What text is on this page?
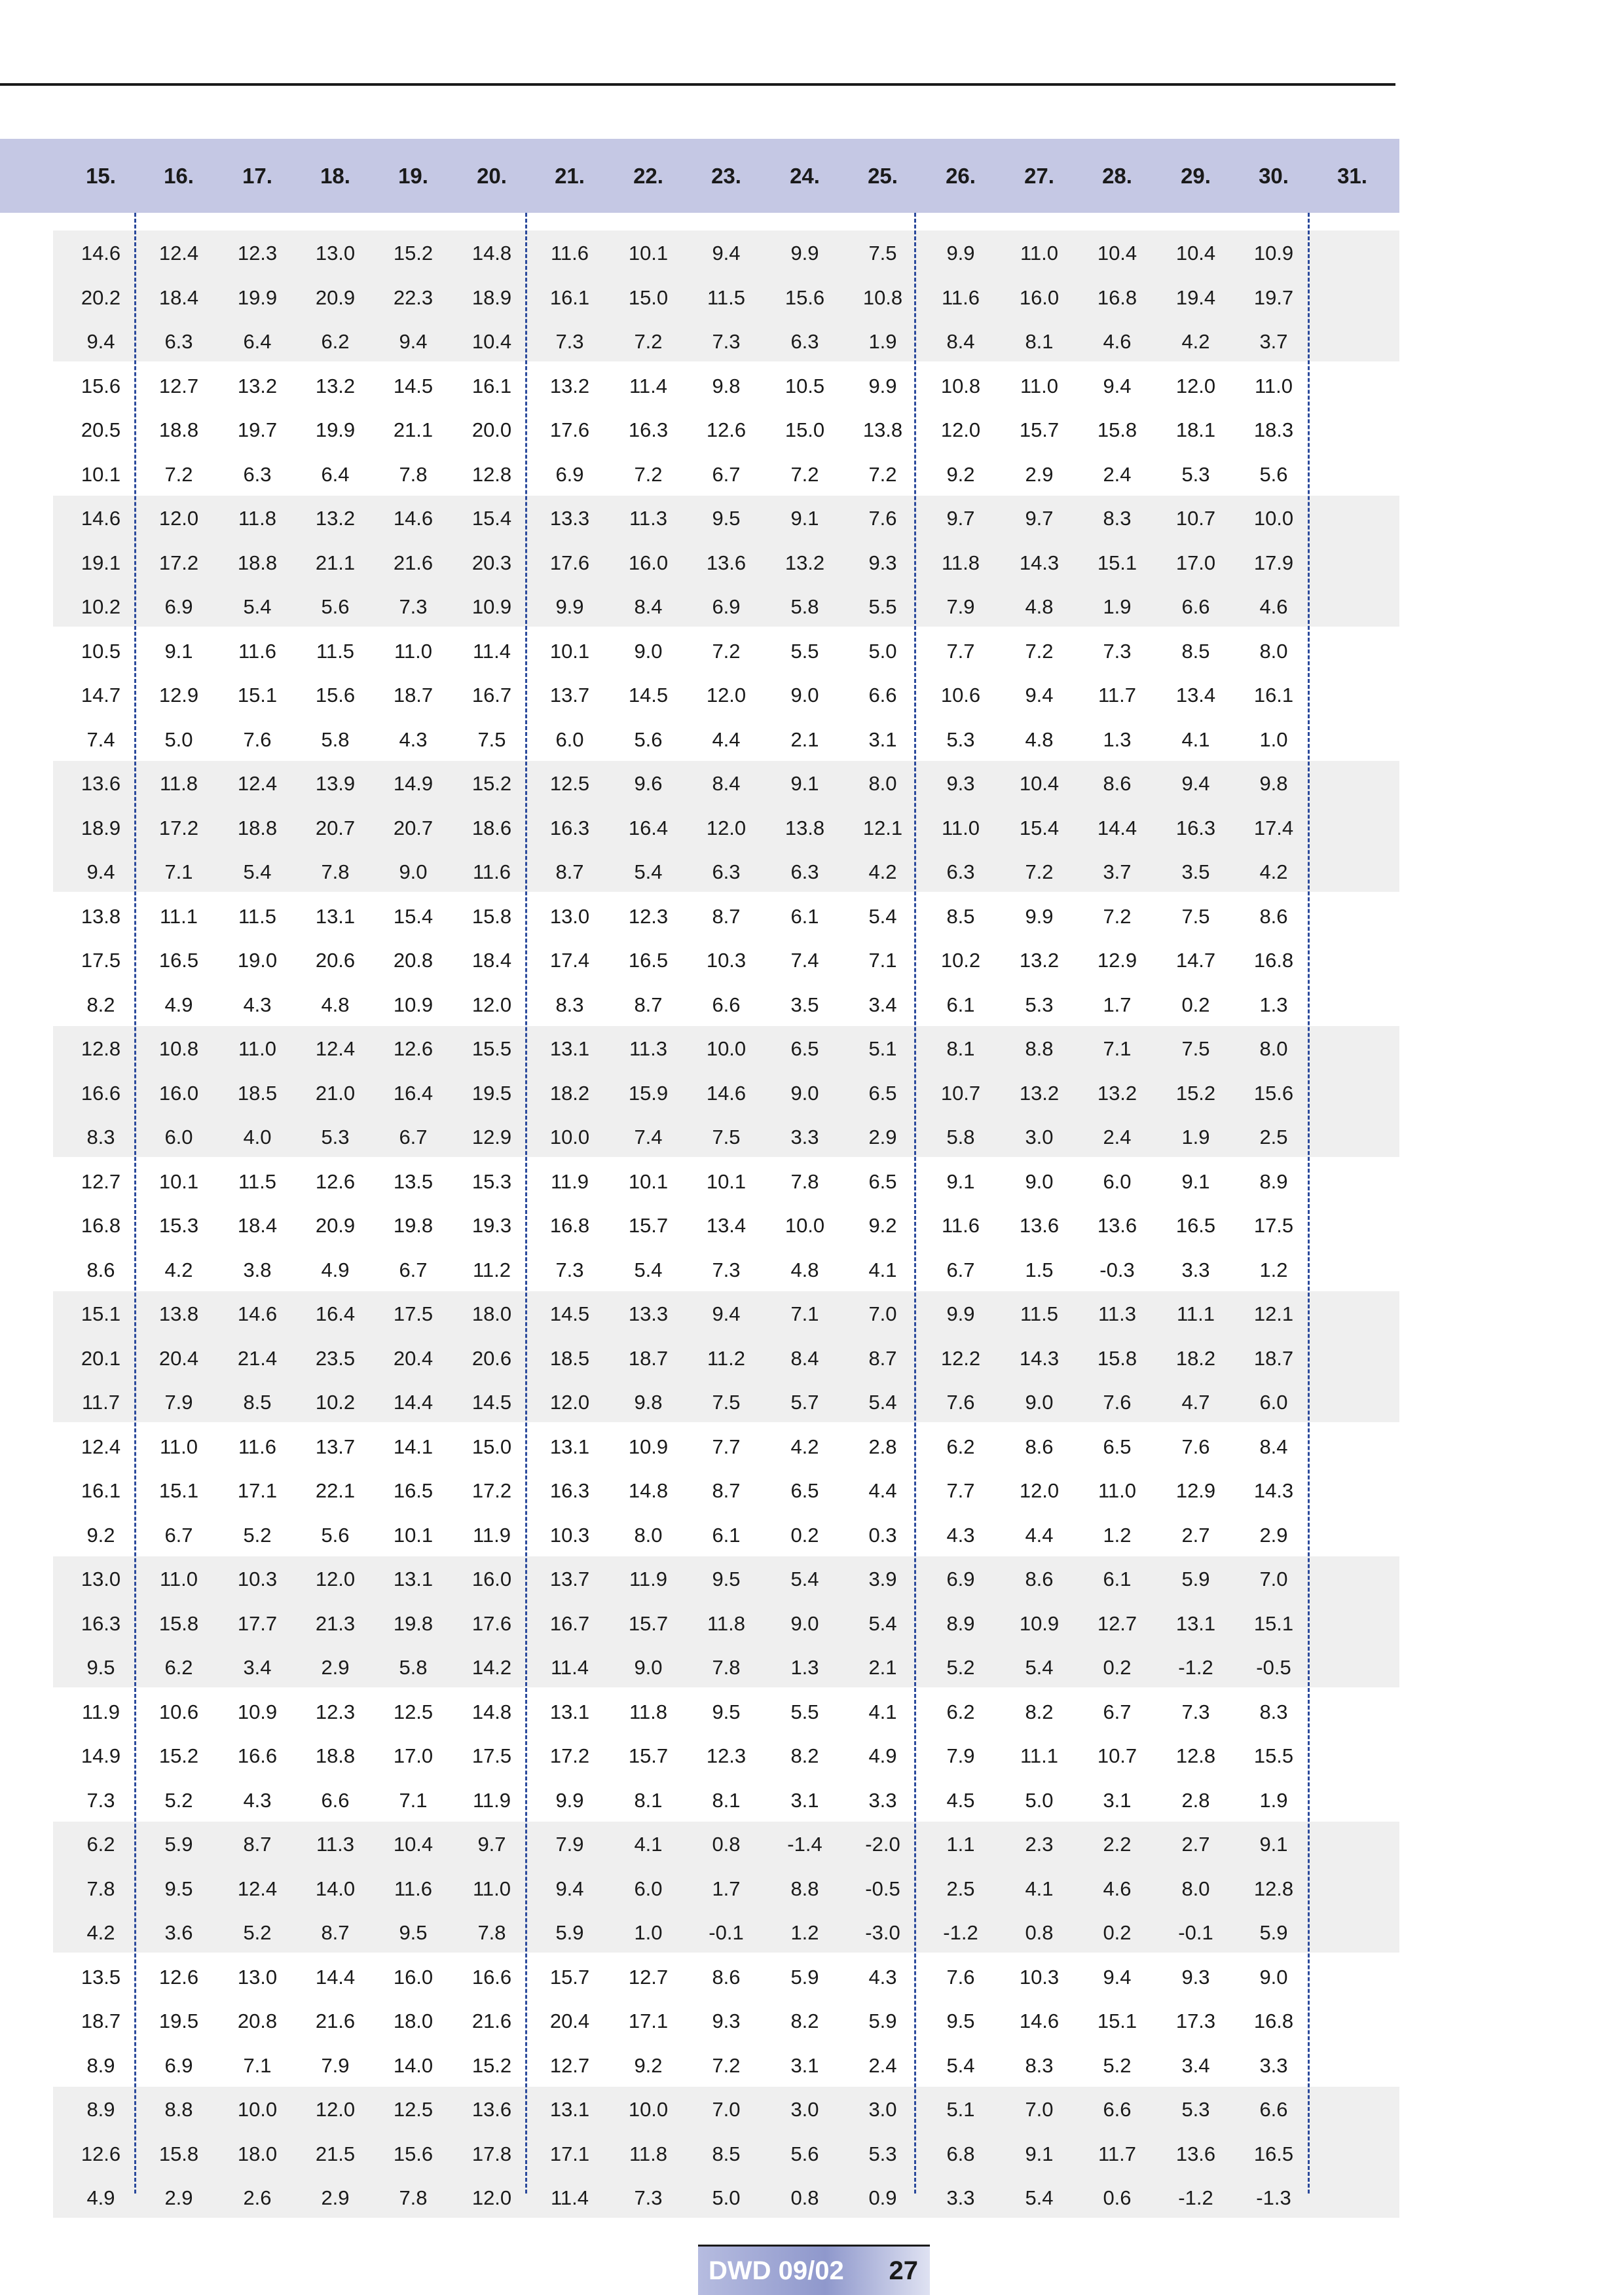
15.	16.	17.	18.	19.	20.	21.	22.	23.	24.	25.	26.	27.	28.	29.	30.	31.
14.6	12.4	12.3	13.0	15.2	14.8	11.6	10.1	9.4	9.9	7.5	9.9	11.0	10.4	10.4	10.9
20.2	18.4	19.9	20.9	22.3	18.9	16.1	15.0	11.5	15.6	10.8	11.6	16.0	16.8	19.4	19.7
9.4	6.3	6.4	6.2	9.4	10.4	7.3	7.2	7.3	6.3	1.9	8.4	8.1	4.6	4.2	3.7
15.6	12.7	13.2	13.2	14.5	16.1	13.2	11.4	9.8	10.5	9.9	10.8	11.0	9.4	12.0	11.0
20.5	18.8	19.7	19.9	21.1	20.0	17.6	16.3	12.6	15.0	13.8	12.0	15.7	15.8	18.1	18.3
10.1	7.2	6.3	6.4	7.8	12.8	6.9	7.2	6.7	7.2	7.2	9.2	2.9	2.4	5.3	5.6
14.6	12.0	11.8	13.2	14.6	15.4	13.3	11.3	9.5	9.1	7.6	9.7	9.7	8.3	10.7	10.0
19.1	17.2	18.8	21.1	21.6	20.3	17.6	16.0	13.6	13.2	9.3	11.8	14.3	15.1	17.0	17.9
10.2	6.9	5.4	5.6	7.3	10.9	9.9	8.4	6.9	5.8	5.5	7.9	4.8	1.9	6.6	4.6
10.5	9.1	11.6	11.5	11.0	11.4	10.1	9.0	7.2	5.5	5.0	7.7	7.2	7.3	8.5	8.0
14.7	12.9	15.1	15.6	18.7	16.7	13.7	14.5	12.0	9.0	6.6	10.6	9.4	11.7	13.4	16.1
7.4	5.0	7.6	5.8	4.3	7.5	6.0	5.6	4.4	2.1	3.1	5.3	4.8	1.3	4.1	1.0
13.6	11.8	12.4	13.9	14.9	15.2	12.5	9.6	8.4	9.1	8.0	9.3	10.4	8.6	9.4	9.8
18.9	17.2	18.8	20.7	20.7	18.6	16.3	16.4	12.0	13.8	12.1	11.0	15.4	14.4	16.3	17.4
9.4	7.1	5.4	7.8	9.0	11.6	8.7	5.4	6.3	6.3	4.2	6.3	7.2	3.7	3.5	4.2
13.8	11.1	11.5	13.1	15.4	15.8	13.0	12.3	8.7	6.1	5.4	8.5	9.9	7.2	7.5	8.6
17.5	16.5	19.0	20.6	20.8	18.4	17.4	16.5	10.3	7.4	7.1	10.2	13.2	12.9	14.7	16.8
8.2	4.9	4.3	4.8	10.9	12.0	8.3	8.7	6.6	3.5	3.4	6.1	5.3	1.7	0.2	1.3
12.8	10.8	11.0	12.4	12.6	15.5	13.1	11.3	10.0	6.5	5.1	8.1	8.8	7.1	7.5	8.0
16.6	16.0	18.5	21.0	16.4	19.5	18.2	15.9	14.6	9.0	6.5	10.7	13.2	13.2	15.2	15.6
8.3	6.0	4.0	5.3	6.7	12.9	10.0	7.4	7.5	3.3	2.9	5.8	3.0	2.4	1.9	2.5
12.7	10.1	11.5	12.6	13.5	15.3	11.9	10.1	10.1	7.8	6.5	9.1	9.0	6.0	9.1	8.9
16.8	15.3	18.4	20.9	19.8	19.3	16.8	15.7	13.4	10.0	9.2	11.6	13.6	13.6	16.5	17.5
8.6	4.2	3.8	4.9	6.7	11.2	7.3	5.4	7.3	4.8	4.1	6.7	1.5	-0.3	3.3	1.2
15.1	13.8	14.6	16.4	17.5	18.0	14.5	13.3	9.4	7.1	7.0	9.9	11.5	11.3	11.1	12.1
20.1	20.4	21.4	23.5	20.4	20.6	18.5	18.7	11.2	8.4	8.7	12.2	14.3	15.8	18.2	18.7
11.7	7.9	8.5	10.2	14.4	14.5	12.0	9.8	7.5	5.7	5.4	7.6	9.0	7.6	4.7	6.0
12.4	11.0	11.6	13.7	14.1	15.0	13.1	10.9	7.7	4.2	2.8	6.2	8.6	6.5	7.6	8.4
16.1	15.1	17.1	22.1	16.5	17.2	16.3	14.8	8.7	6.5	4.4	7.7	12.0	11.0	12.9	14.3
9.2	6.7	5.2	5.6	10.1	11.9	10.3	8.0	6.1	0.2	0.3	4.3	4.4	1.2	2.7	2.9
13.0	11.0	10.3	12.0	13.1	16.0	13.7	11.9	9.5	5.4	3.9	6.9	8.6	6.1	5.9	7.0
16.3	15.8	17.7	21.3	19.8	17.6	16.7	15.7	11.8	9.0	5.4	8.9	10.9	12.7	13.1	15.1
9.5	6.2	3.4	2.9	5.8	14.2	11.4	9.0	7.8	1.3	2.1	5.2	5.4	0.2	-1.2	-0.5
11.9	10.6	10.9	12.3	12.5	14.8	13.1	11.8	9.5	5.5	4.1	6.2	8.2	6.7	7.3	8.3
14.9	15.2	16.6	18.8	17.0	17.5	17.2	15.7	12.3	8.2	4.9	7.9	11.1	10.7	12.8	15.5
7.3	5.2	4.3	6.6	7.1	11.9	9.9	8.1	8.1	3.1	3.3	4.5	5.0	3.1	2.8	1.9
6.2	5.9	8.7	11.3	10.4	9.7	7.9	4.1	0.8	-1.4	-2.0	1.1	2.3	2.2	2.7	9.1
7.8	9.5	12.4	14.0	11.6	11.0	9.4	6.0	1.7	8.8	-0.5	2.5	4.1	4.6	8.0	12.8
4.2	3.6	5.2	8.7	9.5	7.8	5.9	1.0	-0.1	1.2	-3.0	-1.2	0.8	0.2	-0.1	5.9
13.5	12.6	13.0	14.4	16.0	16.6	15.7	12.7	8.6	5.9	4.3	7.6	10.3	9.4	9.3	9.0
18.7	19.5	20.8	21.6	18.0	21.6	20.4	17.1	9.3	8.2	5.9	9.5	14.6	15.1	17.3	16.8
8.9	6.9	7.1	7.9	14.0	15.2	12.7	9.2	7.2	3.1	2.4	5.4	8.3	5.2	3.4	3.3
8.9	8.8	10.0	12.0	12.5	13.6	13.1	10.0	7.0	3.0	3.0	5.1	7.0	6.6	5.3	6.6
12.6	15.8	18.0	21.5	15.6	17.8	17.1	11.8	8.5	5.6	5.3	6.8	9.1	11.7	13.6	16.5
4.9	2.9	2.6	2.9	7.8	12.0	11.4	7.3	5.0	0.8	0.9	3.3	5.4	0.6	-1.2	-1.3
DWD 09/02 27
